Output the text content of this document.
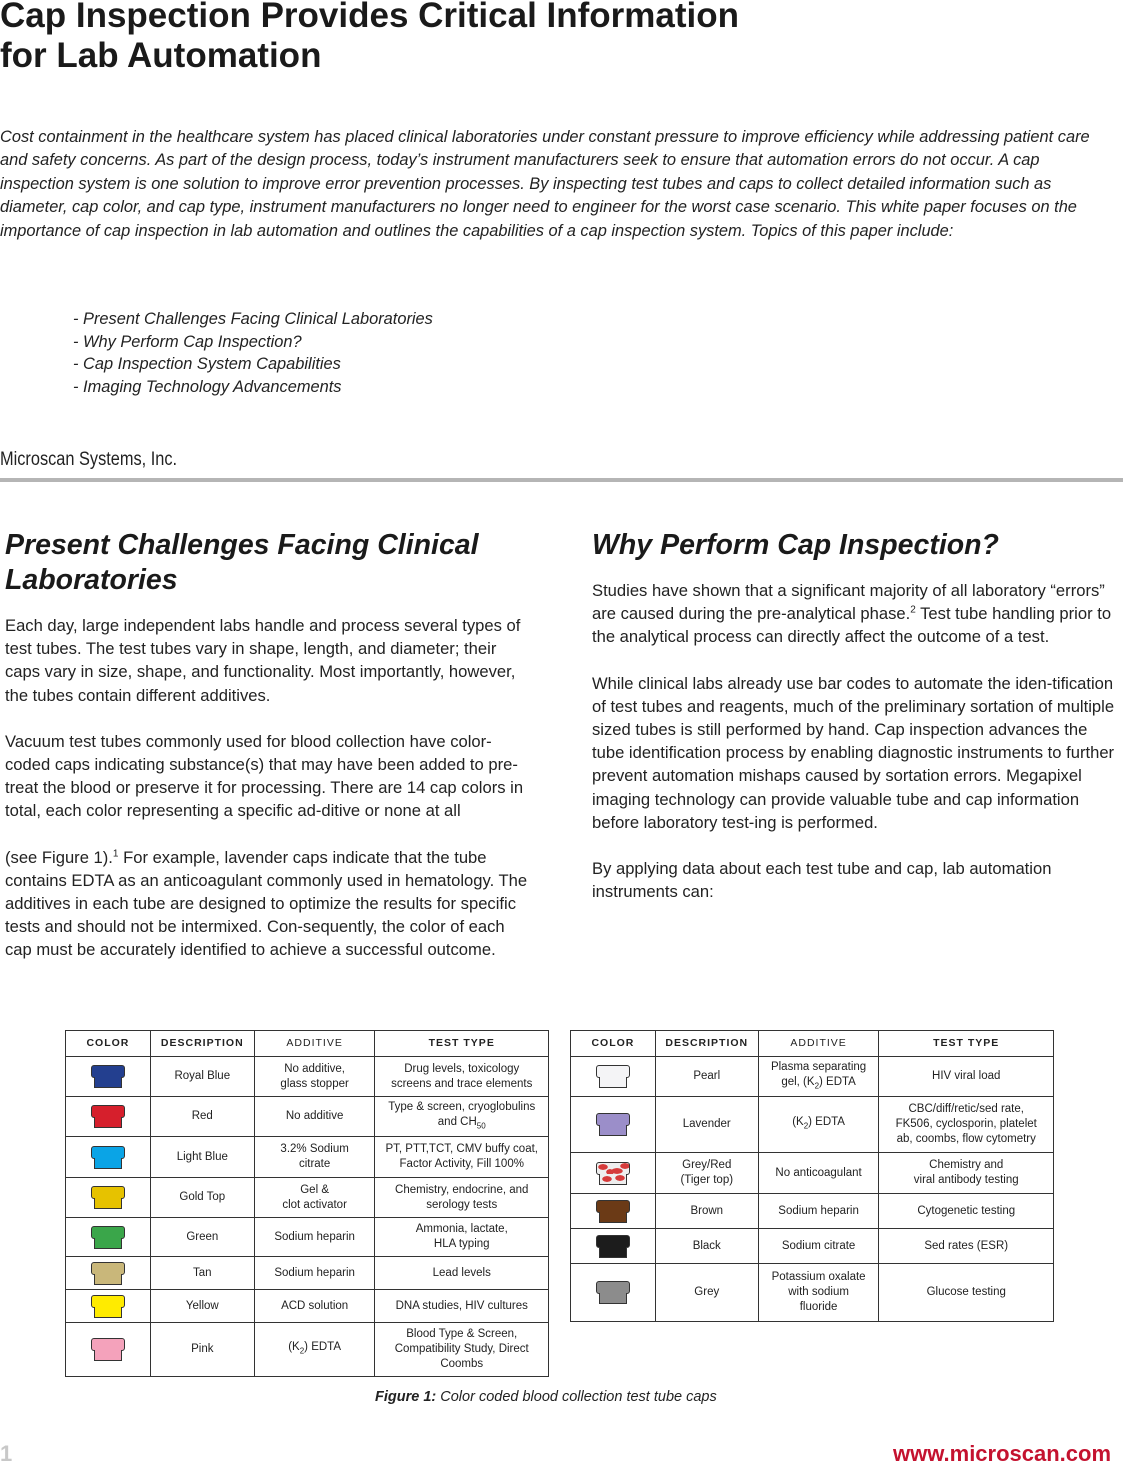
Cap Inspection Provides Critical Information
for Lab Automation

Cost containment in the healthcare system has placed clinical laboratories under constant pressure to improve efficiency while addressing patient care and safety concerns. As part of the design process, today’s instrument manufacturers seek to ensure that automation errors do not occur. A cap inspection system is one solution to improve error prevention processes. By inspecting test tubes and caps to collect detailed information such as diameter, cap color, and cap type, instrument manufacturers no longer need to engineer for the worst case scenario. This white paper focuses on the importance of cap inspection in lab automation and outlines the capabilities of a cap inspection system. Topics of this paper include:

- Present Challenges Facing Clinical Laboratories
- Why Perform Cap Inspection?
- Cap Inspection System Capabilities
- Imaging Technology Advancements
Microscan Systems, Inc.
Present Challenges Facing Clinical Laboratories

Each day, large independent labs handle and process several types of test tubes. The test tubes vary in shape, length, and diameter; their caps vary in size, shape, and functionality. Most importantly, however, the tubes contain different additives.

Vacuum test tubes commonly used for blood collection have color-coded caps indicating substance(s) that may have been added to pre-treat the blood or preserve it for processing. There are 14 cap colors in total, each color representing a specific ad-ditive or none at all

(see Figure 1).$^1$ For example, lavender caps indicate that the tube contains EDTA as an anticoagulant commonly used in hematology. The additives in each tube are designed to optimize the results for specific tests and should not be intermixed. Con-sequently, the color of each cap must be accurately identified to achieve a successful outcome.

Why Perform Cap Inspection?

Studies have shown that a significant majority of all laboratory “errors” are caused during the pre-analytical phase.$^2$ Test tube handling prior to the analytical process can directly affect the outcome of a test.

While clinical labs already use bar codes to automate the iden-tification of test tubes and reagents, much of the preliminary sortation of multiple sized tubes is still performed by hand. Cap inspection advances the tube identification process by enabling diagnostic instruments to further prevent automation mishaps caused by sortation errors. Megapixel imaging technology can provide valuable tube and cap information before laboratory test-ing is performed.

By applying data about each test tube and cap, lab automation instruments can:

COLOR	DESCRIPTION	ADDITIVE	TEST TYPE

	Royal Blue	No additive,
glass stopper	Drug levels, toxicology
screens and trace elements

	Red	No additive	Type & screen, cryoglobulins
and $CH_{50}$

	Light Blue	3.2% Sodium
citrate	PT, PTT,TCT, CMV buffy coat,
Factor Activity, Fill 100%

	Gold Top	Gel &
clot activator	Chemistry, endocrine, and
serology tests

	Green	Sodium heparin	Ammonia, lactate,
HLA typing

	Tan	Sodium heparin	Lead levels

	Yellow	ACD solution	DNA studies, HIV cultures

	Pink	$(K_2)$ EDTA	Blood Type & Screen,
Compatibility Study, Direct
Coombs
COLOR	DESCRIPTION	ADDITIVE	TEST TYPE

	Pearl	Plasma separating
gel, $(K_2)$ EDTA	HIV viral load

	Lavender	$(K_2)$ EDTA	CBC/diff/retic/sed rate,
FK506, cyclosporin, platelet
ab, coombs, flow cytometry

	Grey/Red
(Tiger top)	No anticoagulant	Chemistry and
viral antibody testing

	Brown	Sodium heparin	Cytogenetic testing

	Black	Sodium citrate	Sed rates (ESR)

	Grey	Potassium oxalate
with sodium
fluoride	Glucose testing
Figure 1: Color coded blood collection test tube caps
1	www.microscan.com
